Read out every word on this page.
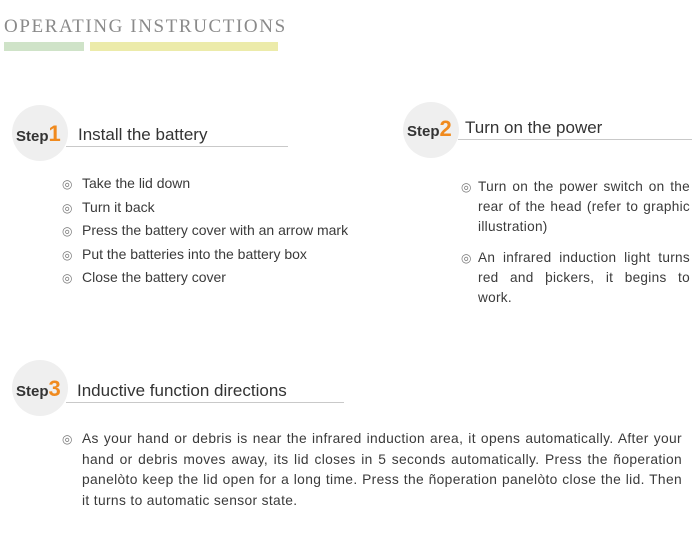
OPERATING INSTRUCTIONS
Step1 Install the battery
◎ Take the lid down
◎ Turn it back
◎ Press the battery cover with an arrow mark
◎ Put the batteries into the battery box
◎ Close the battery cover
Step2 Turn on the power
◎ Turn on the power switch on the rear of the head (refer to graphic illustration)
◎ An infrared induction light turns red and þickers, it begins to work.
Step3 Inductive function directions
◎ As your hand or debris is near the infrared induction area, it opens automatically. After your hand or debris moves away, its lid closes in 5 seconds automatically. Press the ñoperation panelòto keep the lid open for a long time. Press the ñoperation panelòto close the lid. Then it turns to automatic sensor state.
